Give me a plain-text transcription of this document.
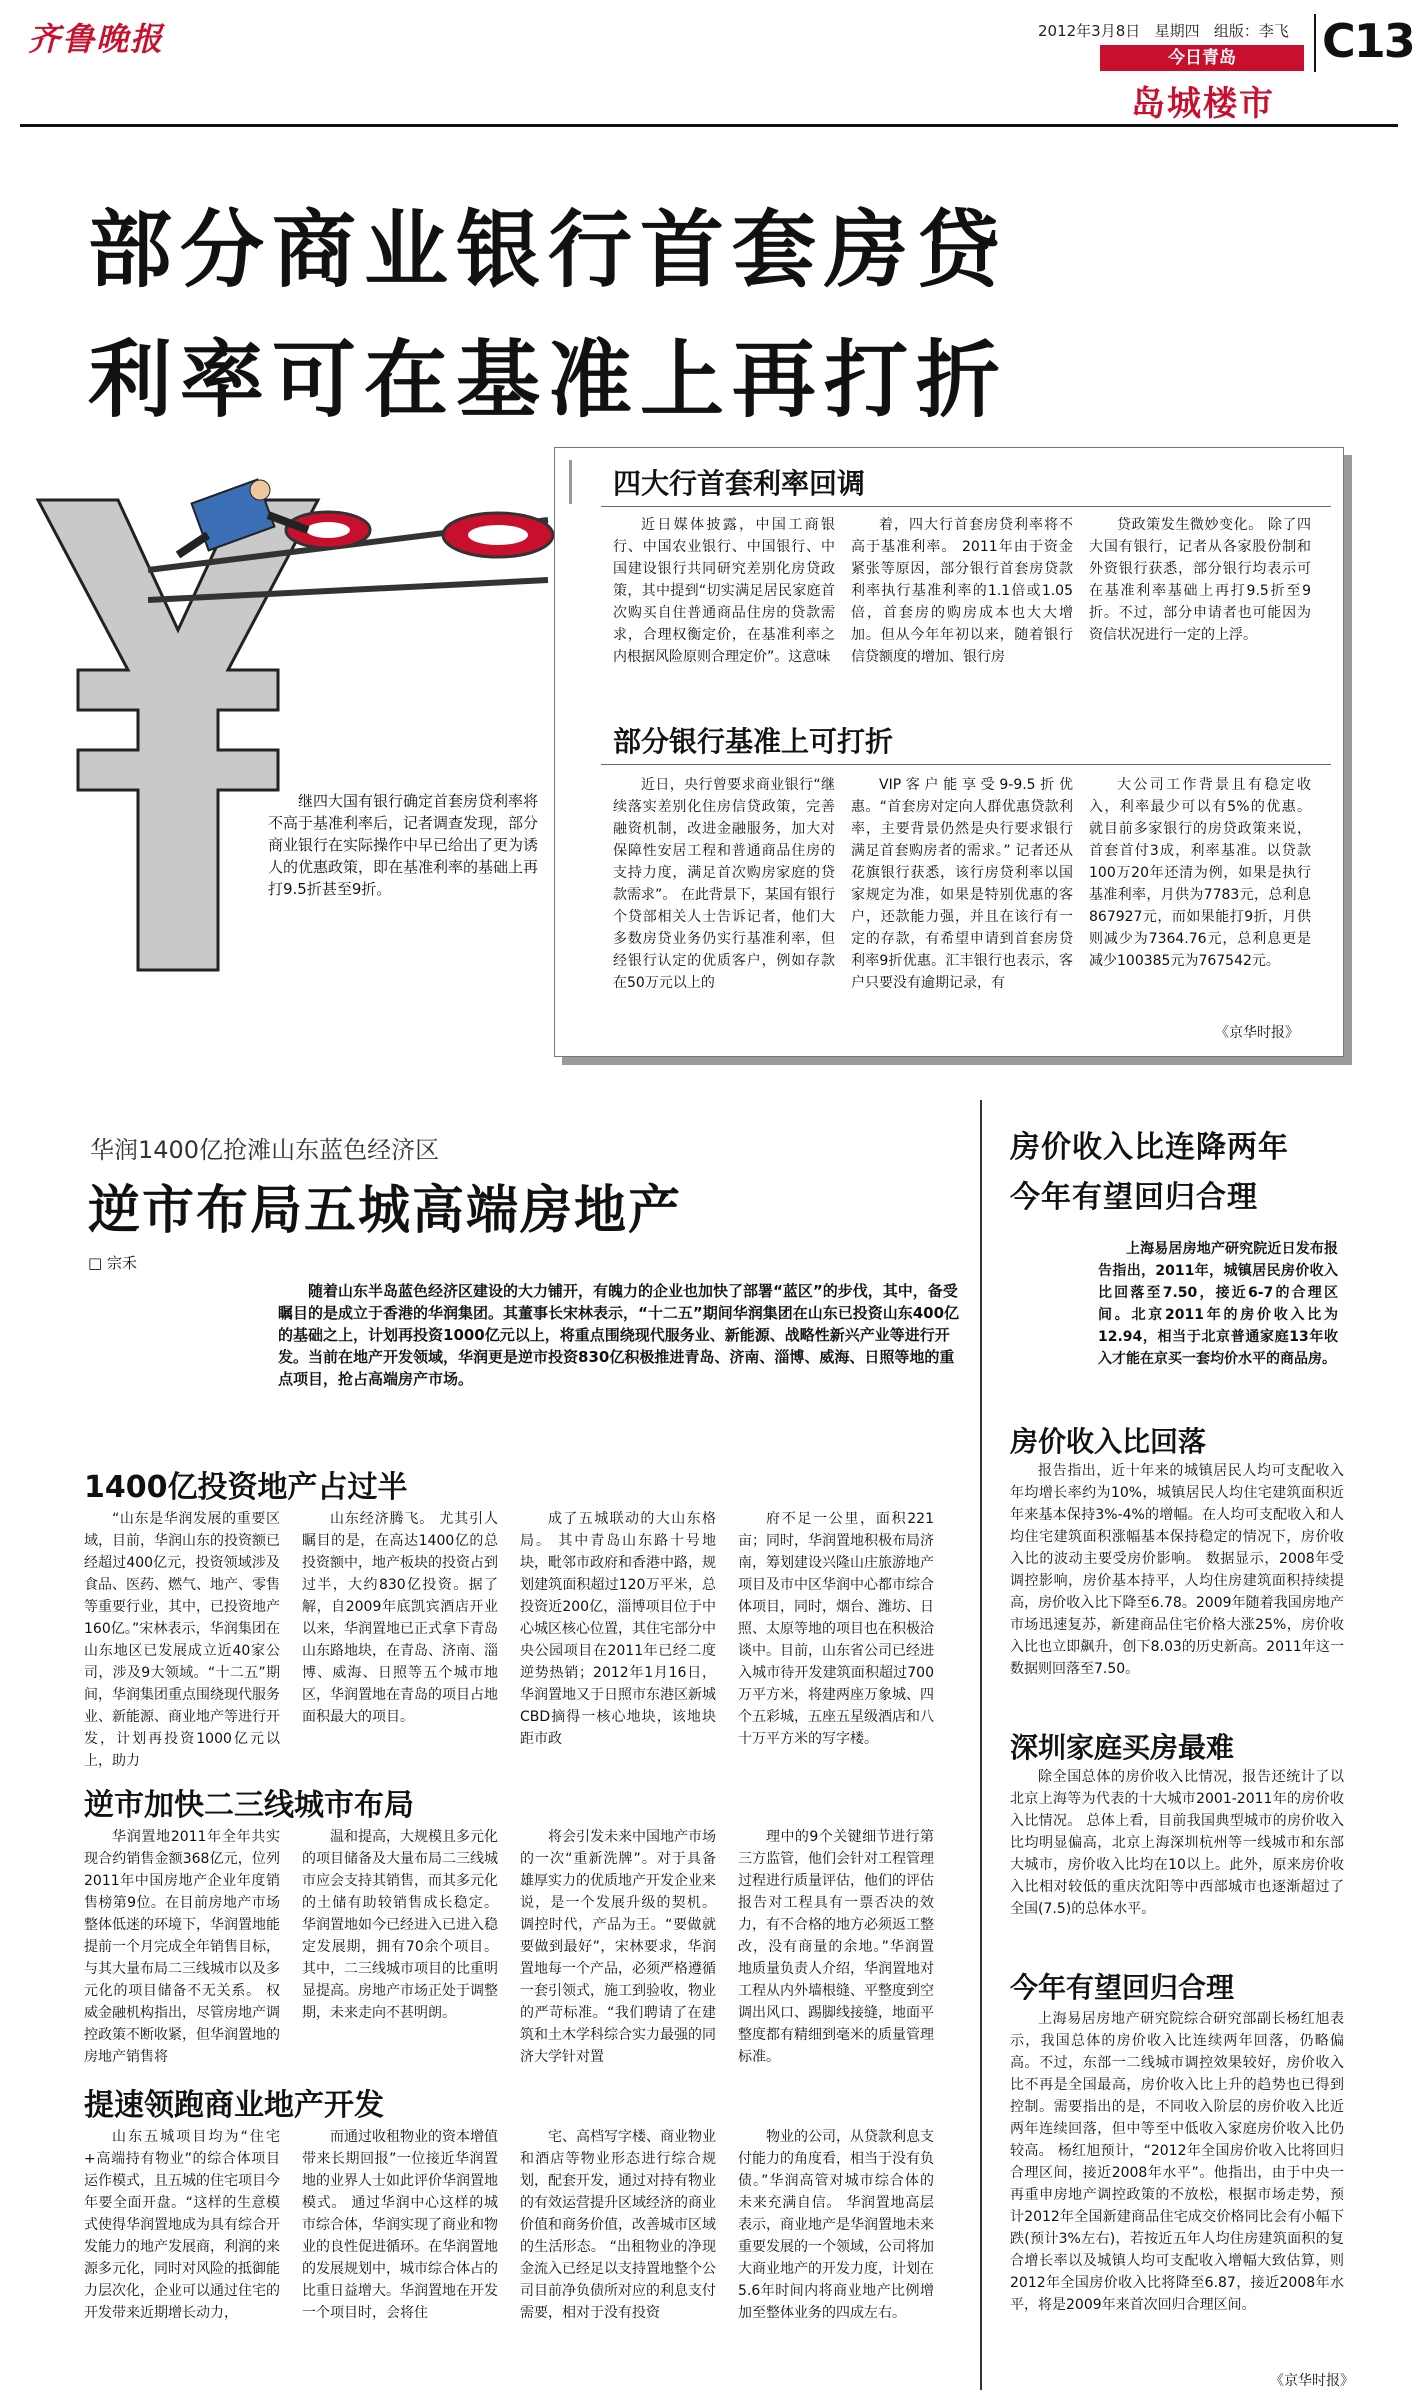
齐鲁晚报	2012年3月8日 星期四 组版：李飞 C13
今日青岛
岛城楼市
部分商业银行首套房贷
利率可在基准上再打折
继四大国有银行确定首套房贷利率将不高于基准利率后，记者调查发现，部分商业银行在实际操作中早已给出了更为诱人的优惠政策，即在基准利率的基础上再打9.5折甚至9折。
四大行首套利率回调

近日媒体披露，中国工商银行、中国农业银行、中国银行、中国建设银行共同研究差别化房贷政策，其中提到“切实满足居民家庭首次购买自住普通商品住房的贷款需求，合理权衡定价，在基准利率之内根据风险原则合理定价”。这意味

着，四大行首套房贷利率将不高于基准利率。 2011年由于资金紧张等原因，部分银行首套房贷款利率执行基准利率的1.1倍或1.05倍，首套房的购房成本也大大增加。但从今年年初以来，随着银行信贷额度的增加、银行房

贷政策发生微妙变化。 除了四大国有银行，记者从各家股份制和外资银行获悉，部分银行均表示可在基准利率基础上再打9.5折至9折。不过，部分申请者也可能因为资信状况进行一定的上浮。

部分银行基准上可打折

近日，央行曾要求商业银行“继续落实差别化住房信贷政策，完善融资机制，改进金融服务，加大对保障性安居工程和普通商品住房的支持力度，满足首次购房家庭的贷款需求”。 在此背景下，某国有银行个贷部相关人士告诉记者，他们大多数房贷业务仍实行基准利率，但经银行认定的优质客户，例如存款在50万元以上的

VIP客户能享受9-9.5折优惠。“首套房对定向人群优惠贷款利率，主要背景仍然是央行要求银行满足首套购房者的需求。” 记者还从花旗银行获悉，该行房贷利率以国家规定为准，如果是特别优惠的客户，还款能力强，并且在该行有一定的存款，有希望申请到首套房贷利率9折优惠。汇丰银行也表示，客户只要没有逾期记录，有

大公司工作背景且有稳定收入，利率最少可以有5%的优惠。 就目前多家银行的房贷政策来说，首套首付3成，利率基准。以贷款100万20年还清为例，如果是执行基准利率，月供为7783元，总利息867927元，而如果能打9折，月供则减少为7364.76元，总利息更是减少100385元为767542元。

《京华时报》
华润1400亿抢滩山东蓝色经济区
逆市布局五城高端房地产
□ 宗禾
随着山东半岛蓝色经济区建设的大力铺开，有魄力的企业也加快了部署“蓝区”的步伐，其中，备受瞩目的是成立于香港的华润集团。其董事长宋林表示，“十二五”期间华润集团在山东已投资山东400亿的基础之上，计划再投资1000亿元以上，将重点围绕现代服务业、新能源、战略性新兴产业等进行开发。当前在地产开发领域，华润更是逆市投资830亿积极推进青岛、济南、淄博、威海、日照等地的重点项目，抢占高端房产市场。
1400亿投资地产占过半

“山东是华润发展的重要区域，目前，华润山东的投资额已经超过400亿元，投资领域涉及食品、医药、燃气、地产、零售等重要行业，其中，已投资地产160亿。”宋林表示，华润集团在山东地区已发展成立近40家公司，涉及9大领域。“十二五”期间，华润集团重点围绕现代服务业、新能源、商业地产等进行开发，计划再投资1000亿元以上，助力

山东经济腾飞。 尤其引人瞩目的是，在高达1400亿的总投资额中，地产板块的投资占到过半，大约830亿投资。据了解，自2009年底凯宾酒店开业以来，华润置地已正式拿下青岛山东路地块，在青岛、济南、淄博、威海、日照等五个城市地区，华润置地在青岛的项目占地面积最大的项目。

成了五城联动的大山东格局。 其中青岛山东路十号地块，毗邻市政府和香港中路，规划建筑面积超过120万平米，总投资近200亿，淄博项目位于中心城区核心位置，其住宅部分中央公园项目在2011年已经二度逆势热销；2012年1月16日，华润置地又于日照市东港区新城CBD摘得一核心地块，该地块距市政

府不足一公里，面积221亩；同时，华润置地积极布局济南，筹划建设兴隆山庄旅游地产项目及市中区华润中心都市综合体项目，同时，烟台、潍坊、日照、太原等地的项目也在积极洽谈中。目前，山东省公司已经进入城市待开发建筑面积超过700万平方米，将建两座万象城、四个五彩城，五座五星级酒店和八十万平方米的写字楼。

逆市加快二三线城市布局

华润置地2011年全年共实现合约销售金额368亿元，位列2011年中国房地产企业年度销售榜第9位。在目前房地产市场整体低迷的环境下，华润置地能提前一个月完成全年销售目标，与其大量布局二三线城市以及多元化的项目储备不无关系。 权威金融机构指出，尽管房地产调控政策不断收紧，但华润置地的房地产销售将

温和提高，大规模且多元化的项目储备及大量布局二三线城市应会支持其销售，而其多元化的土储有助较销售成长稳定。 华润置地如今已经进入已进入稳定发展期，拥有70余个项目。其中，二三线城市项目的比重明显提高。房地产市场正处于调整期，未来走向不甚明朗。

将会引发未来中国地产市场的一次“重新洗牌”。对于具备雄厚实力的优质地产开发企业来说，是一个发展升级的契机。 调控时代，产品为王。“要做就要做到最好”，宋林要求，华润置地每一个产品，必须严格遵循一套引领式，施工到验收，物业的严苛标准。“我们聘请了在建筑和土木学科综合实力最强的同济大学针对置

理中的9个关键细节进行第三方监管，他们会针对工程管理过程进行质量评估，他们的评估报告对工程具有一票否决的效力，有不合格的地方必须返工整改，没有商量的余地。”华润置地质量负责人介绍，华润置地对工程从内外墙根缝、平整度到空调出风口、踢脚线接缝，地面平整度都有精细到毫米的质量管理标准。

提速领跑商业地产开发

山东五城项目均为“住宅+高端持有物业”的综合体项目运作模式，且五城的住宅项目今年要全面开盘。“这样的生意模式使得华润置地成为具有综合开发能力的地产发展商，利润的来源多元化，同时对风险的抵御能力层次化，企业可以通过住宅的开发带来近期增长动力，

而通过收租物业的资本增值带来长期回报”一位接近华润置地的业界人士如此评价华润置地模式。 通过华润中心这样的城市综合体，华润实现了商业和物业的良性促进循环。在华润置地的发展规划中，城市综合体占的比重日益增大。华润置地在开发一个项目时，会将住

宅、高档写字楼、商业物业和酒店等物业形态进行综合规划，配套开发，通过对持有物业的有效运营提升区域经济的商业价值和商务价值，改善城市区域的生活形态。 “出租物业的净现金流入已经足以支持置地整个公司目前净负债所对应的利息支付需要，相对于没有投资

物业的公司，从贷款利息支付能力的角度看，相当于没有负债。”华润高管对城市综合体的未来充满自信。 华润置地高层表示，商业地产是华润置地未来重要发展的一个领域，公司将加大商业地产的开发力度，计划在5.6年时间内将商业地产比例增加至整体业务的四成左右。

房价收入比连降两年
今年有望回归合理

上海易居房地产研究院近日发布报告指出，2011年，城镇居民房价收入比回落至7.50，接近6-7的合理区间。北京2011年的房价收入比为12.94，相当于北京普通家庭13年收入才能在京买一套均价水平的商品房。

房价收入比回落

报告指出，近十年来的城镇居民人均可支配收入年均增长率约为10%，城镇居民人均住宅建筑面积近年来基本保持3%-4%的增幅。在人均可支配收入和人均住宅建筑面积涨幅基本保持稳定的情况下，房价收入比的波动主要受房价影响。 数据显示，2008年受调控影响，房价基本持平，人均住房建筑面积持续提高，房价收入比下降至6.78。2009年随着我国房地产市场迅速复苏，新建商品住宅价格大涨25%，房价收入比也立即飙升，创下8.03的历史新高。2011年这一数据则回落至7.50。

深圳家庭买房最难

除全国总体的房价收入比情况，报告还统计了以北京上海等为代表的十大城市2001-2011年的房价收入比情况。 总体上看，目前我国典型城市的房价收入比均明显偏高，北京上海深圳杭州等一线城市和东部大城市，房价收入比均在10以上。此外，原来房价收入比相对较低的重庆沈阳等中西部城市也逐渐超过了全国(7.5)的总体水平。

今年有望回归合理

上海易居房地产研究院综合研究部副长杨红旭表示，我国总体的房价收入比连续两年回落，仍略偏高。不过，东部一二线城市调控效果较好，房价收入比不再是全国最高，房价收入比上升的趋势也已得到控制。需要指出的是，不同收入阶层的房价收入比近两年连续回落，但中等至中低收入家庭房价收入比仍较高。 杨红旭预计，“2012年全国房价收入比将回归合理区间，接近2008年水平”。他指出，由于中央一再重申房地产调控政策的不放松，根据市场走势，预计2012年全国新建商品住宅成交价格同比会有小幅下跌(预计3%左右)，若按近五年人均住房建筑面积的复合增长率以及城镇人均可支配收入增幅大致估算，则2012年全国房价收入比将降至6.87，接近2008年水平，将是2009年来首次回归合理区间。

《京华时报》
